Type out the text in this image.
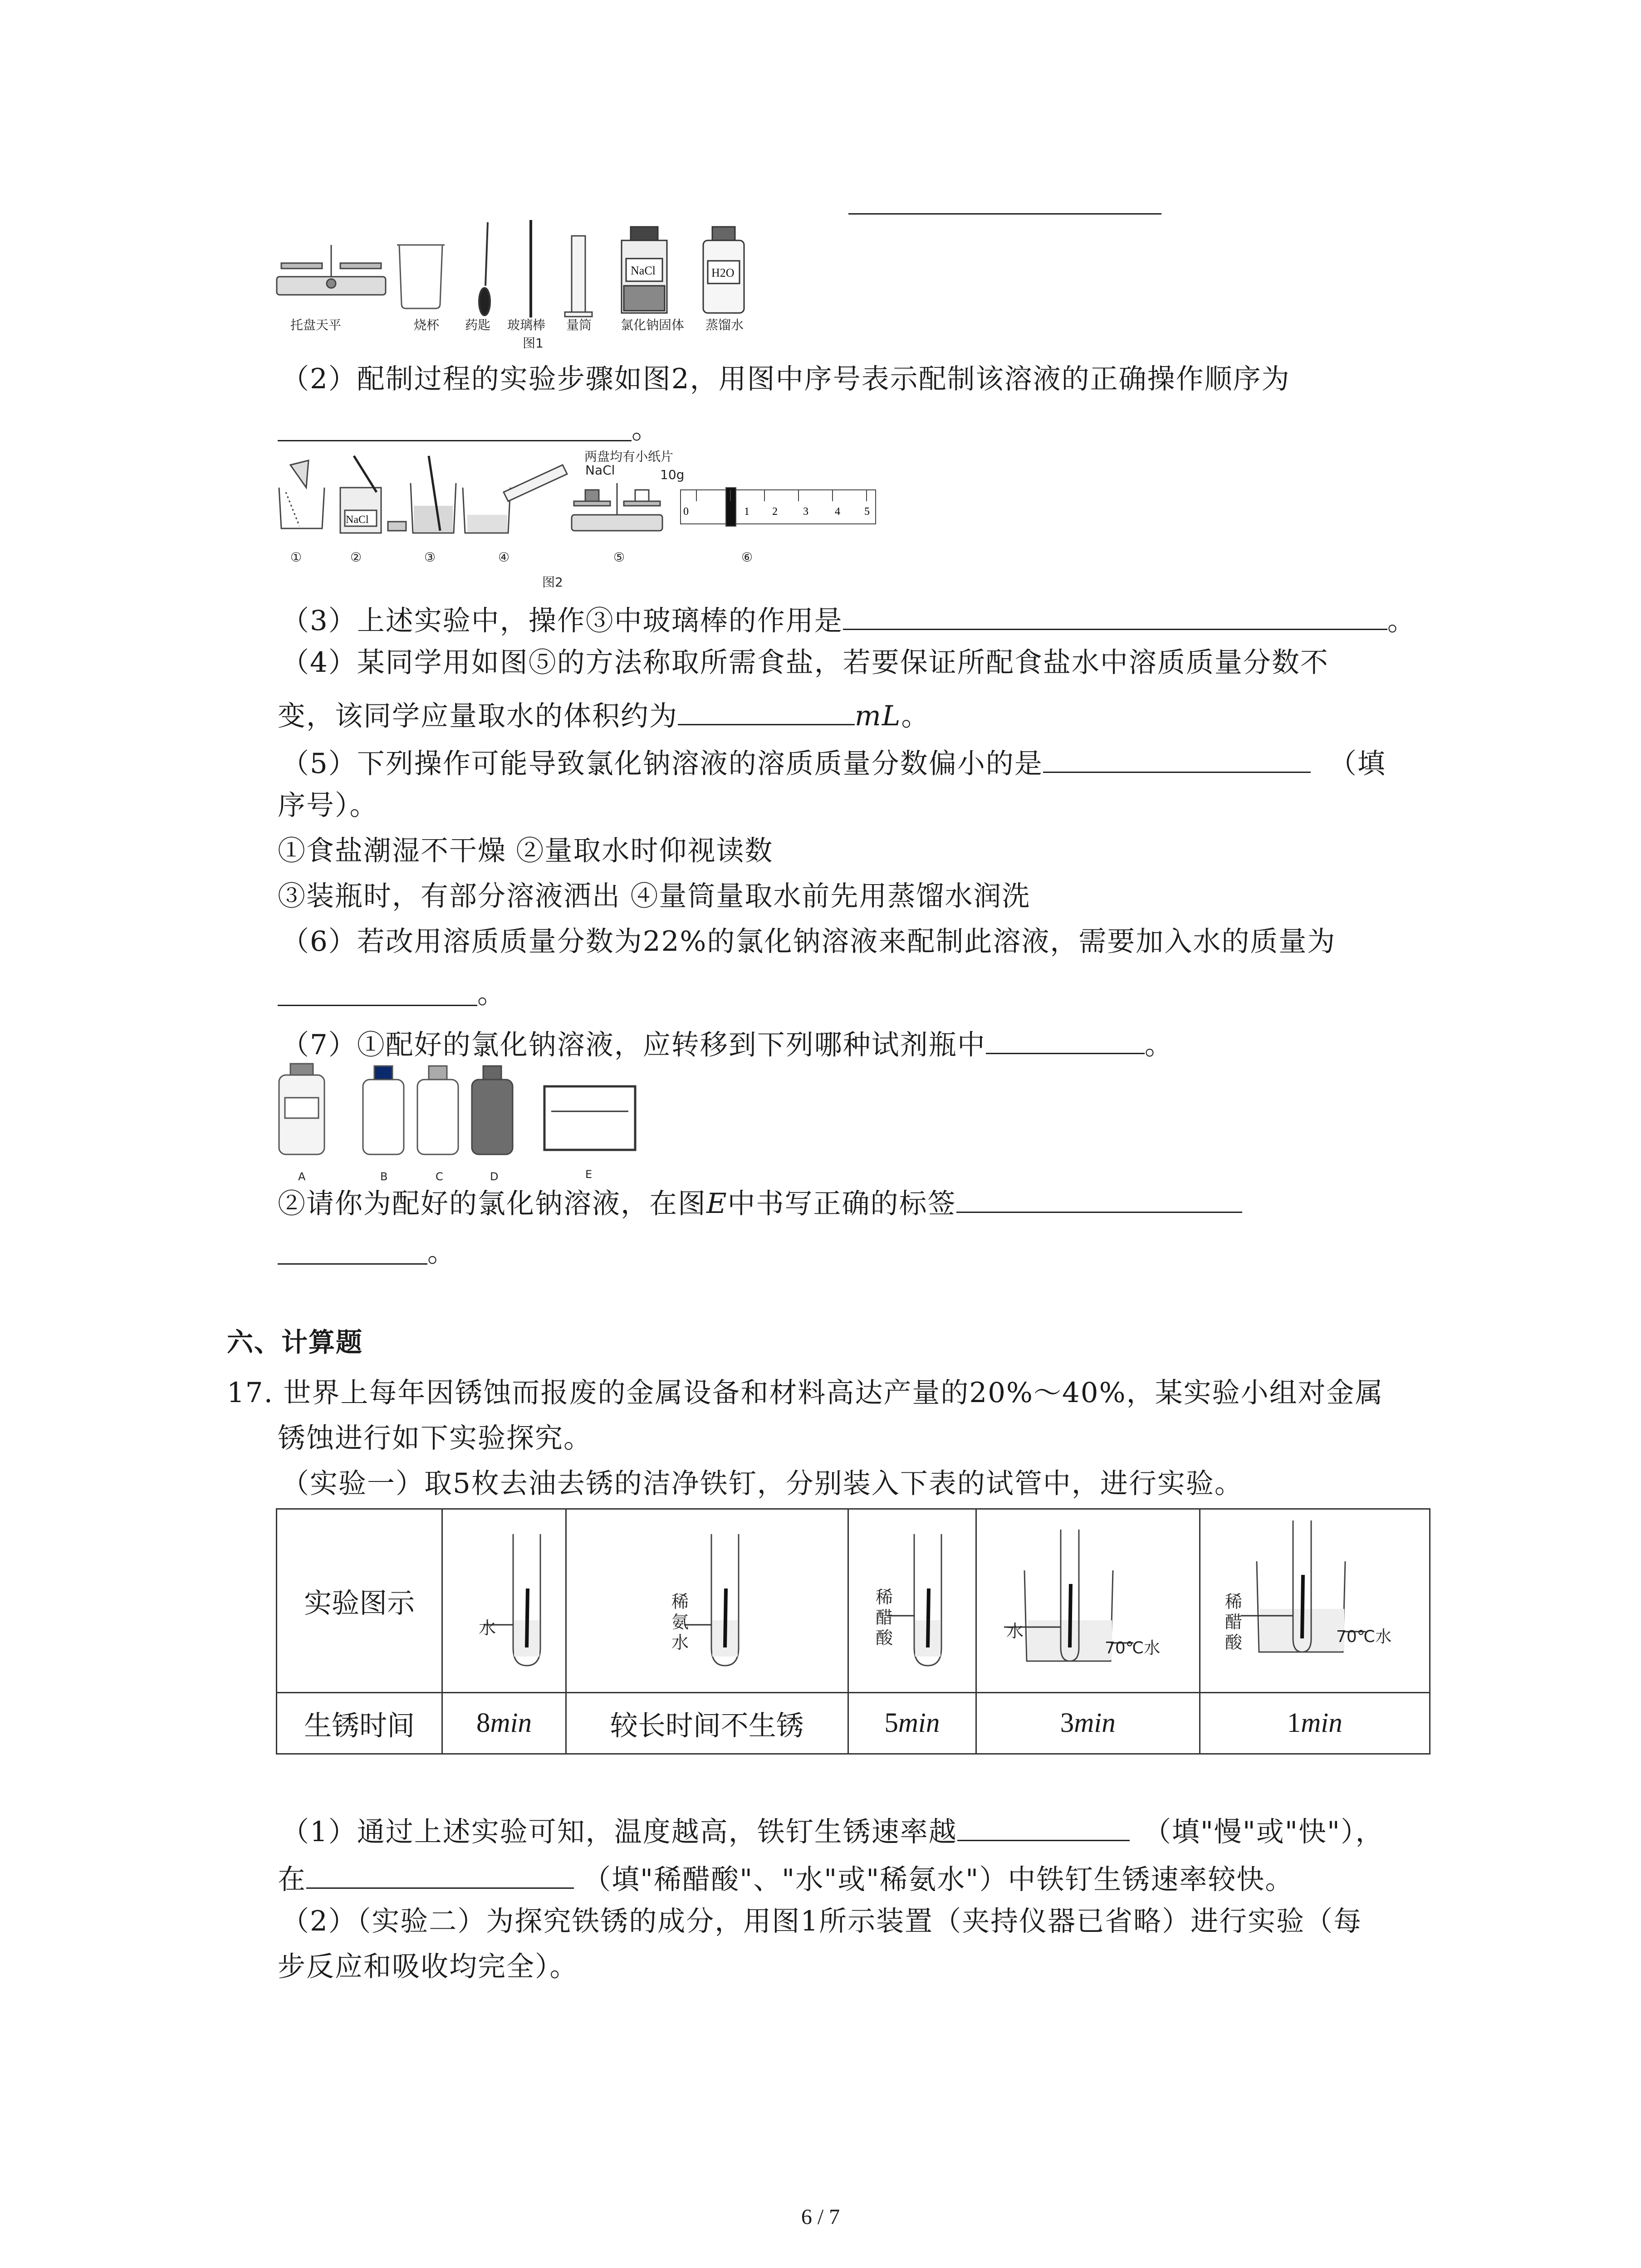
NaCl	H2O
托盘天平	烧杯 药匙 玻璃棒 量筒 氯化钠固体 蒸馏水
图1
（2）配制过程的实验步骤如图2，用图中序号表示配制该溶液的正确操作顺序为
。
NaCl
0	1 2 3 4 5
两盘均有小纸片
NaCl	10g
①	②	③	④	⑤	⑥
图2
（3）上述实验中，操作③中玻璃棒的作用是	。
（4）某同学用如图⑤的方法称取所需食盐，若要保证所配食盐水中溶质质量分数不
变，该同学应量取水的体积约为	mL。
（5）下列操作可能导致氯化钠溶液的溶质质量分数偏小的是	（填
序号）。
①食盐潮湿不干燥 ②量取水时仰视读数
③装瓶时，有部分溶液洒出 ④量筒量取水前先用蒸馏水润洗
（6）若改用溶质质量分数为22%的氯化钠溶液来配制此溶液，需要加入水的质量为
。
（7）①配好的氯化钠溶液，应转移到下列哪种试剂瓶中	。
A	B	C	D	E
②请你为配好的氯化钠溶液，在图E中书写正确的标签
。
六、计算题
17. 世界上每年因锈蚀而报废的金属设备和材料高达产量的20%～40%，某实验小组对金属
锈蚀进行如下实验探究。
（实验一）取5枚去油去锈的洁净铁钉，分别装入下表的试管中，进行实验。
实验图示					
生锈时间	8min	较长时间不生锈	5min	3min	1min
水
稀
氨
水
稀
醋
酸	水
70℃水
稀
醋
酸	70℃水
（1）通过上述实验可知，温度越高，铁钉生锈速率越	（填"慢"或"快"），
在	（填"稀醋酸"、"水"或"稀氨水"）中铁钉生锈速率较快。
（2）（实验二）为探究铁锈的成分，用图1所示装置（夹持仪器已省略）进行实验（每
步反应和吸收均完全）。
6 / 7
